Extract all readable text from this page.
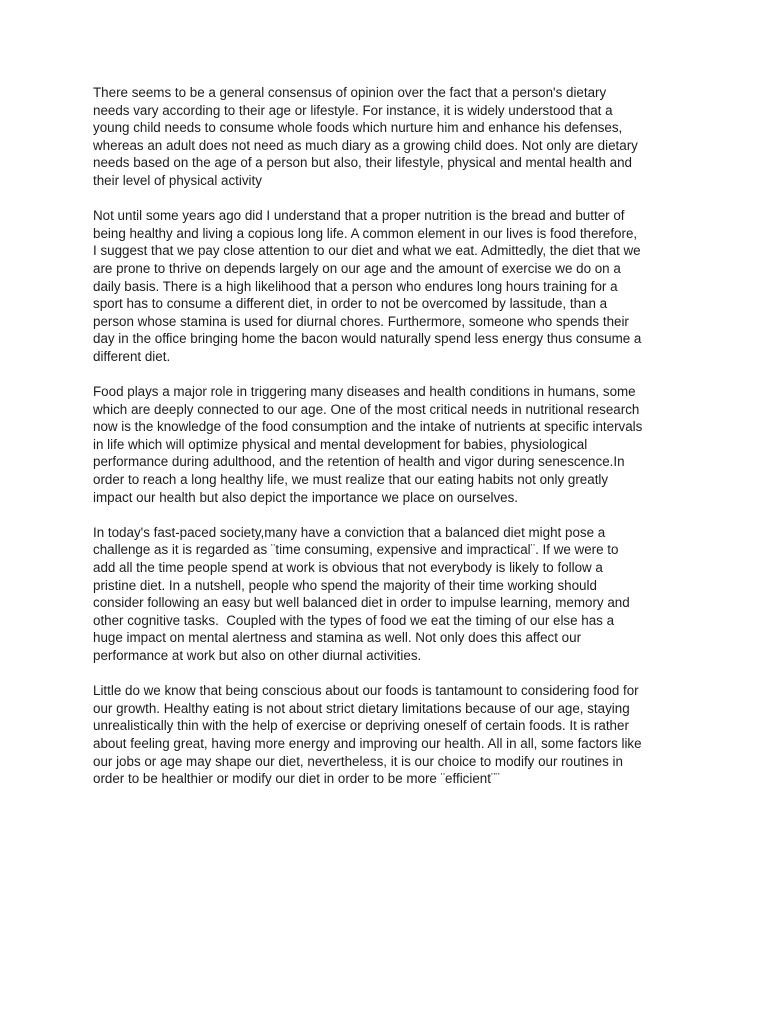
There seems to be a general consensus of opinion over the fact that a person's dietary
needs vary according to their age or lifestyle. For instance, it is widely understood that a
young child needs to consume whole foods which nurture him and enhance his defenses,
whereas an adult does not need as much diary as a growing child does. Not only are dietary
needs based on the age of a person but also, their lifestyle, physical and mental health and
their level of physical activity
Not until some years ago did I understand that a proper nutrition is the bread and butter of
being healthy and living a copious long life. A common element in our lives is food therefore,
I suggest that we pay close attention to our diet and what we eat. Admittedly, the diet that we
are prone to thrive on depends largely on our age and the amount of exercise we do on a
daily basis. There is a high likelihood that a person who endures long hours training for a
sport has to consume a different diet, in order to not be overcomed by lassitude, than a
person whose stamina is used for diurnal chores. Furthermore, someone who spends their
day in the office bringing home the bacon would naturally spend less energy thus consume a
different diet.
Food plays a major role in triggering many diseases and health conditions in humans, some
which are deeply connected to our age. One of the most critical needs in nutritional research
now is the knowledge of the food consumption and the intake of nutrients at specific intervals
in life which will optimize physical and mental development for babies, physiological
performance during adulthood, and the retention of health and vigor during senescence.In
order to reach a long healthy life, we must realize that our eating habits not only greatly
impact our health but also depict the importance we place on ourselves.
In today's fast-paced society,many have a conviction that a balanced diet might pose a
challenge as it is regarded as ¨time consuming, expensive and impractical¨. If we were to
add all the time people spend at work is obvious that not everybody is likely to follow a
pristine diet. In a nutshell, people who spend the majority of their time working should
consider following an easy but well balanced diet in order to impulse learning, memory and
other cognitive tasks.  Coupled with the types of food we eat the timing of our else has a
huge impact on mental alertness and stamina as well. Not only does this affect our
performance at work but also on other diurnal activities.
Little do we know that being conscious about our foods is tantamount to considering food for
our growth. Healthy eating is not about strict dietary limitations because of our age, staying
unrealistically thin with the help of exercise or depriving oneself of certain foods. It is rather
about feeling great, having more energy and improving our health. All in all, some factors like
our jobs or age may shape our diet, nevertheless, it is our choice to modify our routines in
order to be healthier or modify our diet in order to be more ¨efficient¨¨
